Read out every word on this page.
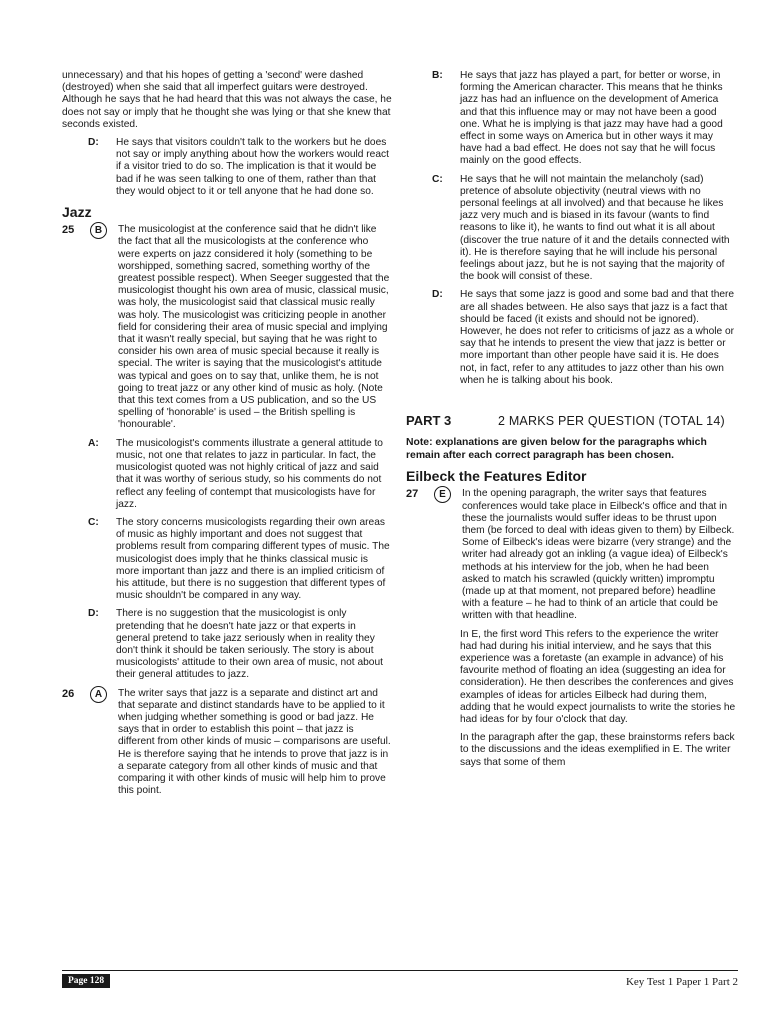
unnecessary) and that his hopes of getting a 'second' were dashed (destroyed) when she said that all imperfect guitars were destroyed. Although he says that he had heard that this was not always the case, he does not say or imply that he thought she was lying or that she knew that seconds existed.

D:	He says that visitors couldn't talk to the workers but he does not say or imply anything about how the workers would react if a visitor tried to do so. The implication is that it would be bad if he was seen talking to one of them, rather than that they would object to it or tell anyone that he had done so.
Jazz
25	B	The musicologist at the conference said that he didn't like the fact that all the musicologists at the conference who were experts on jazz considered it holy (something to be worshipped, something sacred, something worthy of the greatest possible respect). When Seeger suggested that the musicologist thought his own area of music, classical music, was holy, the musicologist said that classical music really was holy. The musicologist was criticizing people in another field for considering their area of music special and implying that it wasn't really special, but saying that he was right to consider his own area of music special because it really is special. The writer is saying that the musicologist's attitude was typical and goes on to say that, unlike them, he is not going to treat jazz or any other kind of music as holy. (Note that this text comes from a US publication, and so the US spelling of 'honorable' is used – the British spelling is 'honourable'.
A:	The musicologist's comments illustrate a general attitude to music, not one that relates to jazz in particular. In fact, the musicologist quoted was not highly critical of jazz and said that it was worthy of serious study, so his comments do not reflect any feeling of contempt that musicologists have for jazz.
C:	The story concerns musicologists regarding their own areas of music as highly important and does not suggest that problems result from comparing different types of music. The musicologist does imply that he thinks classical music is more important than jazz and there is an implied criticism of his attitude, but there is no suggestion that different types of music shouldn't be compared in any way.
D:	There is no suggestion that the musicologist is only pretending that he doesn't hate jazz or that experts in general pretend to take jazz seriously when in reality they don't think it should be taken seriously. The story is about musicologists' attitude to their own area of music, not about their general attitudes to jazz.
26	A	The writer says that jazz is a separate and distinct art and that separate and distinct standards have to be applied to it when judging whether something is good or bad jazz. He says that in order to establish this point – that jazz is different from other kinds of music – comparisons are useful. He is therefore saying that he intends to prove that jazz is in a separate category from all other kinds of music and that comparing it with other kinds of music will help him to prove this point.
B:	He says that jazz has played a part, for better or worse, in forming the American character. This means that he thinks jazz has had an influence on the development of America and that this influence may or may not have been a good one. What he is implying is that jazz may have had a good effect in some ways on America but in other ways it may have had a bad effect. He does not say that he will focus mainly on the good effects.
C:	He says that he will not maintain the melancholy (sad) pretence of absolute objectivity (neutral views with no personal feelings at all involved) and that because he likes jazz very much and is biased in its favour (wants to find reasons to like it), he wants to find out what it is all about (discover the true nature of it and the details connected with it). He is therefore saying that he will include his personal feelings about jazz, but he is not saying that the majority of the book will consist of these.
D:	He says that some jazz is good and some bad and that there are all shades between. He also says that jazz is a fact that should be faced (it exists and should not be ignored). However, he does not refer to criticisms of jazz as a whole or say that he intends to present the view that jazz is better or more important than other people have said it is. He does not, in fact, refer to any attitudes to jazz other than his own when he is talking about his book.
PART 3	2 MARKS PER QUESTION (TOTAL 14)

Note: explanations are given below for the paragraphs which remain after each correct paragraph has been chosen.

Eilbeck the Features Editor
27	E	In the opening paragraph, the writer says that features conferences would take place in Eilbeck's office and that in these the journalists would suffer ideas to be thrust upon them (be forced to deal with ideas given to them) by Eilbeck. Some of Eilbeck's ideas were bizarre (very strange) and the writer had already got an inkling (a vague idea) of Eilbeck's methods at his interview for the job, when he had been asked to match his scrawled (quickly written) impromptu (made up at that moment, not prepared before) headline with a feature – he had to think of an article that could be written with that headline.

In E, the first word This refers to the experience the writer had had during his initial interview, and he says that this experience was a foretaste (an example in advance) of his favourite method of floating an idea (suggesting an idea for consideration). He then describes the conferences and gives examples of ideas for articles Eilbeck had during them, adding that he would expect journalists to write the stories he had ideas for by four o'clock that day.

In the paragraph after the gap, these brainstorms refers back to the discussions and the ideas exemplified in E. The writer says that some of them

Page 128	Key Test 1 Paper 1 Part 2
